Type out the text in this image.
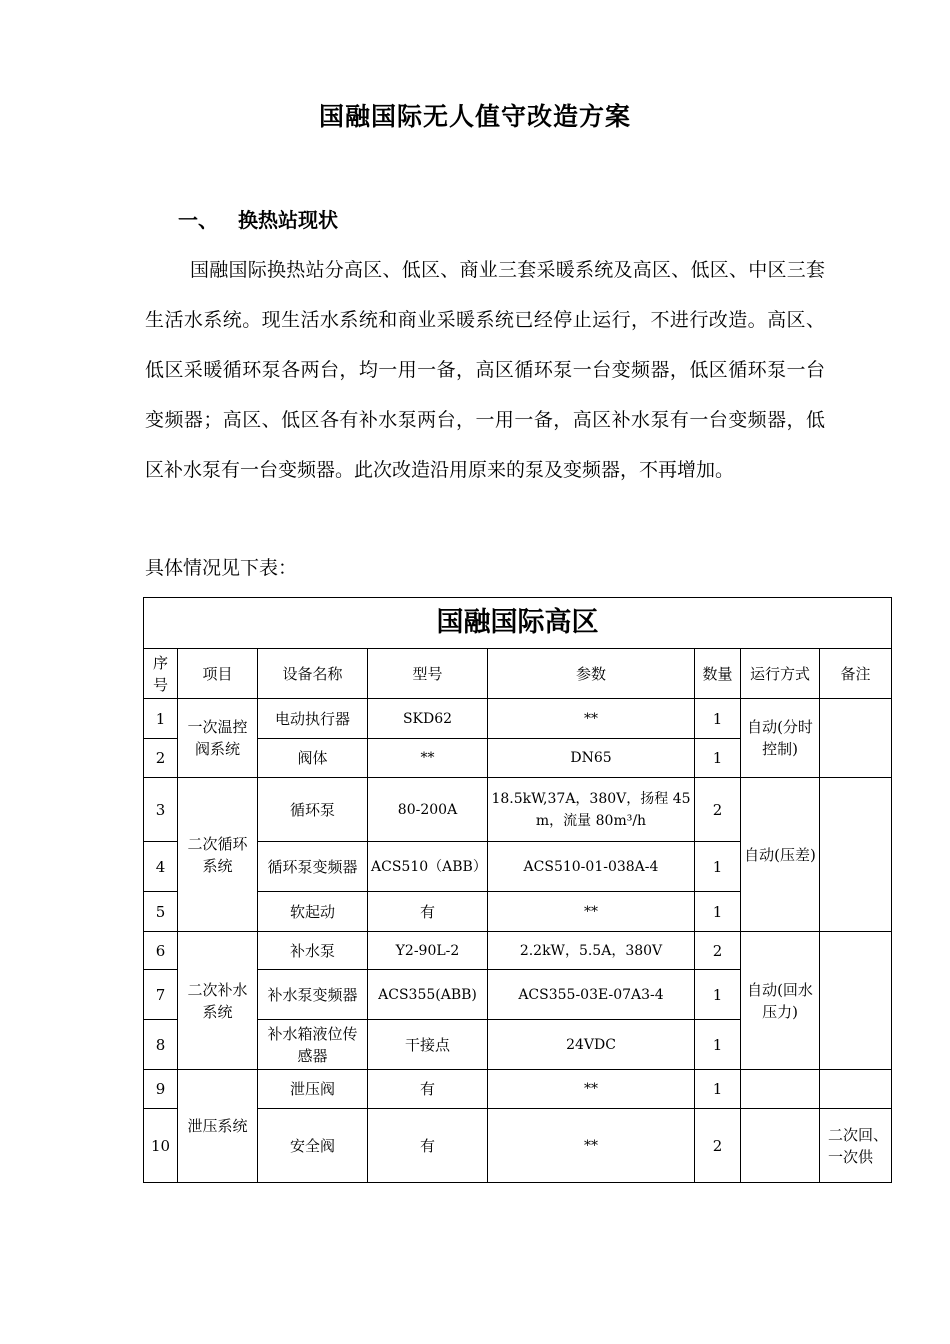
国融国际无人值守改造方案
一、 换热站现状
国融国际换热站分高区、低区、商业三套采暖系统及高区、低区、中区三套生活水系统。现生活水系统和商业采暖系统已经停止运行，不进行改造。高区、低区采暖循环泵各两台，均一用一备，高区循环泵一台变频器，低区循环泵一台变频器；高区、低区各有补水泵两台，一用一备，高区补水泵有一台变频器，低区补水泵有一台变频器。此次改造沿用原来的泵及变频器，不再增加。
具体情况见下表：
国融国际高区							
序号	项目	设备名称	型号	参数	数量	运行方式	备注
1	一次温控阀系统	电动执行器	SKD62	**	1	自动(分时控制)	
2		阀体	**	DN65	1		
3	二次循环系统	循环泵	80-200A	18.5kW,37A，380V，扬程 45m，流量 80m³/h	2	自动(压差)	
4		循环泵变频器	ACS510（ABB）	ACS510-01-038A-4	1		
5		软起动	有	**	1		
6	二次补水系统	补水泵	Y2-90L-2	2.2kW，5.5A，380V	2	自动(回水压力)	
7		补水泵变频器	ACS355(ABB)	ACS355-03E-07A3-4	1		
8		补水箱液位传感器	干接点	24VDC	1		
9	泄压系统	泄压阀	有	**	1		
10		安全阀	有	**	2		二次回、一次供
